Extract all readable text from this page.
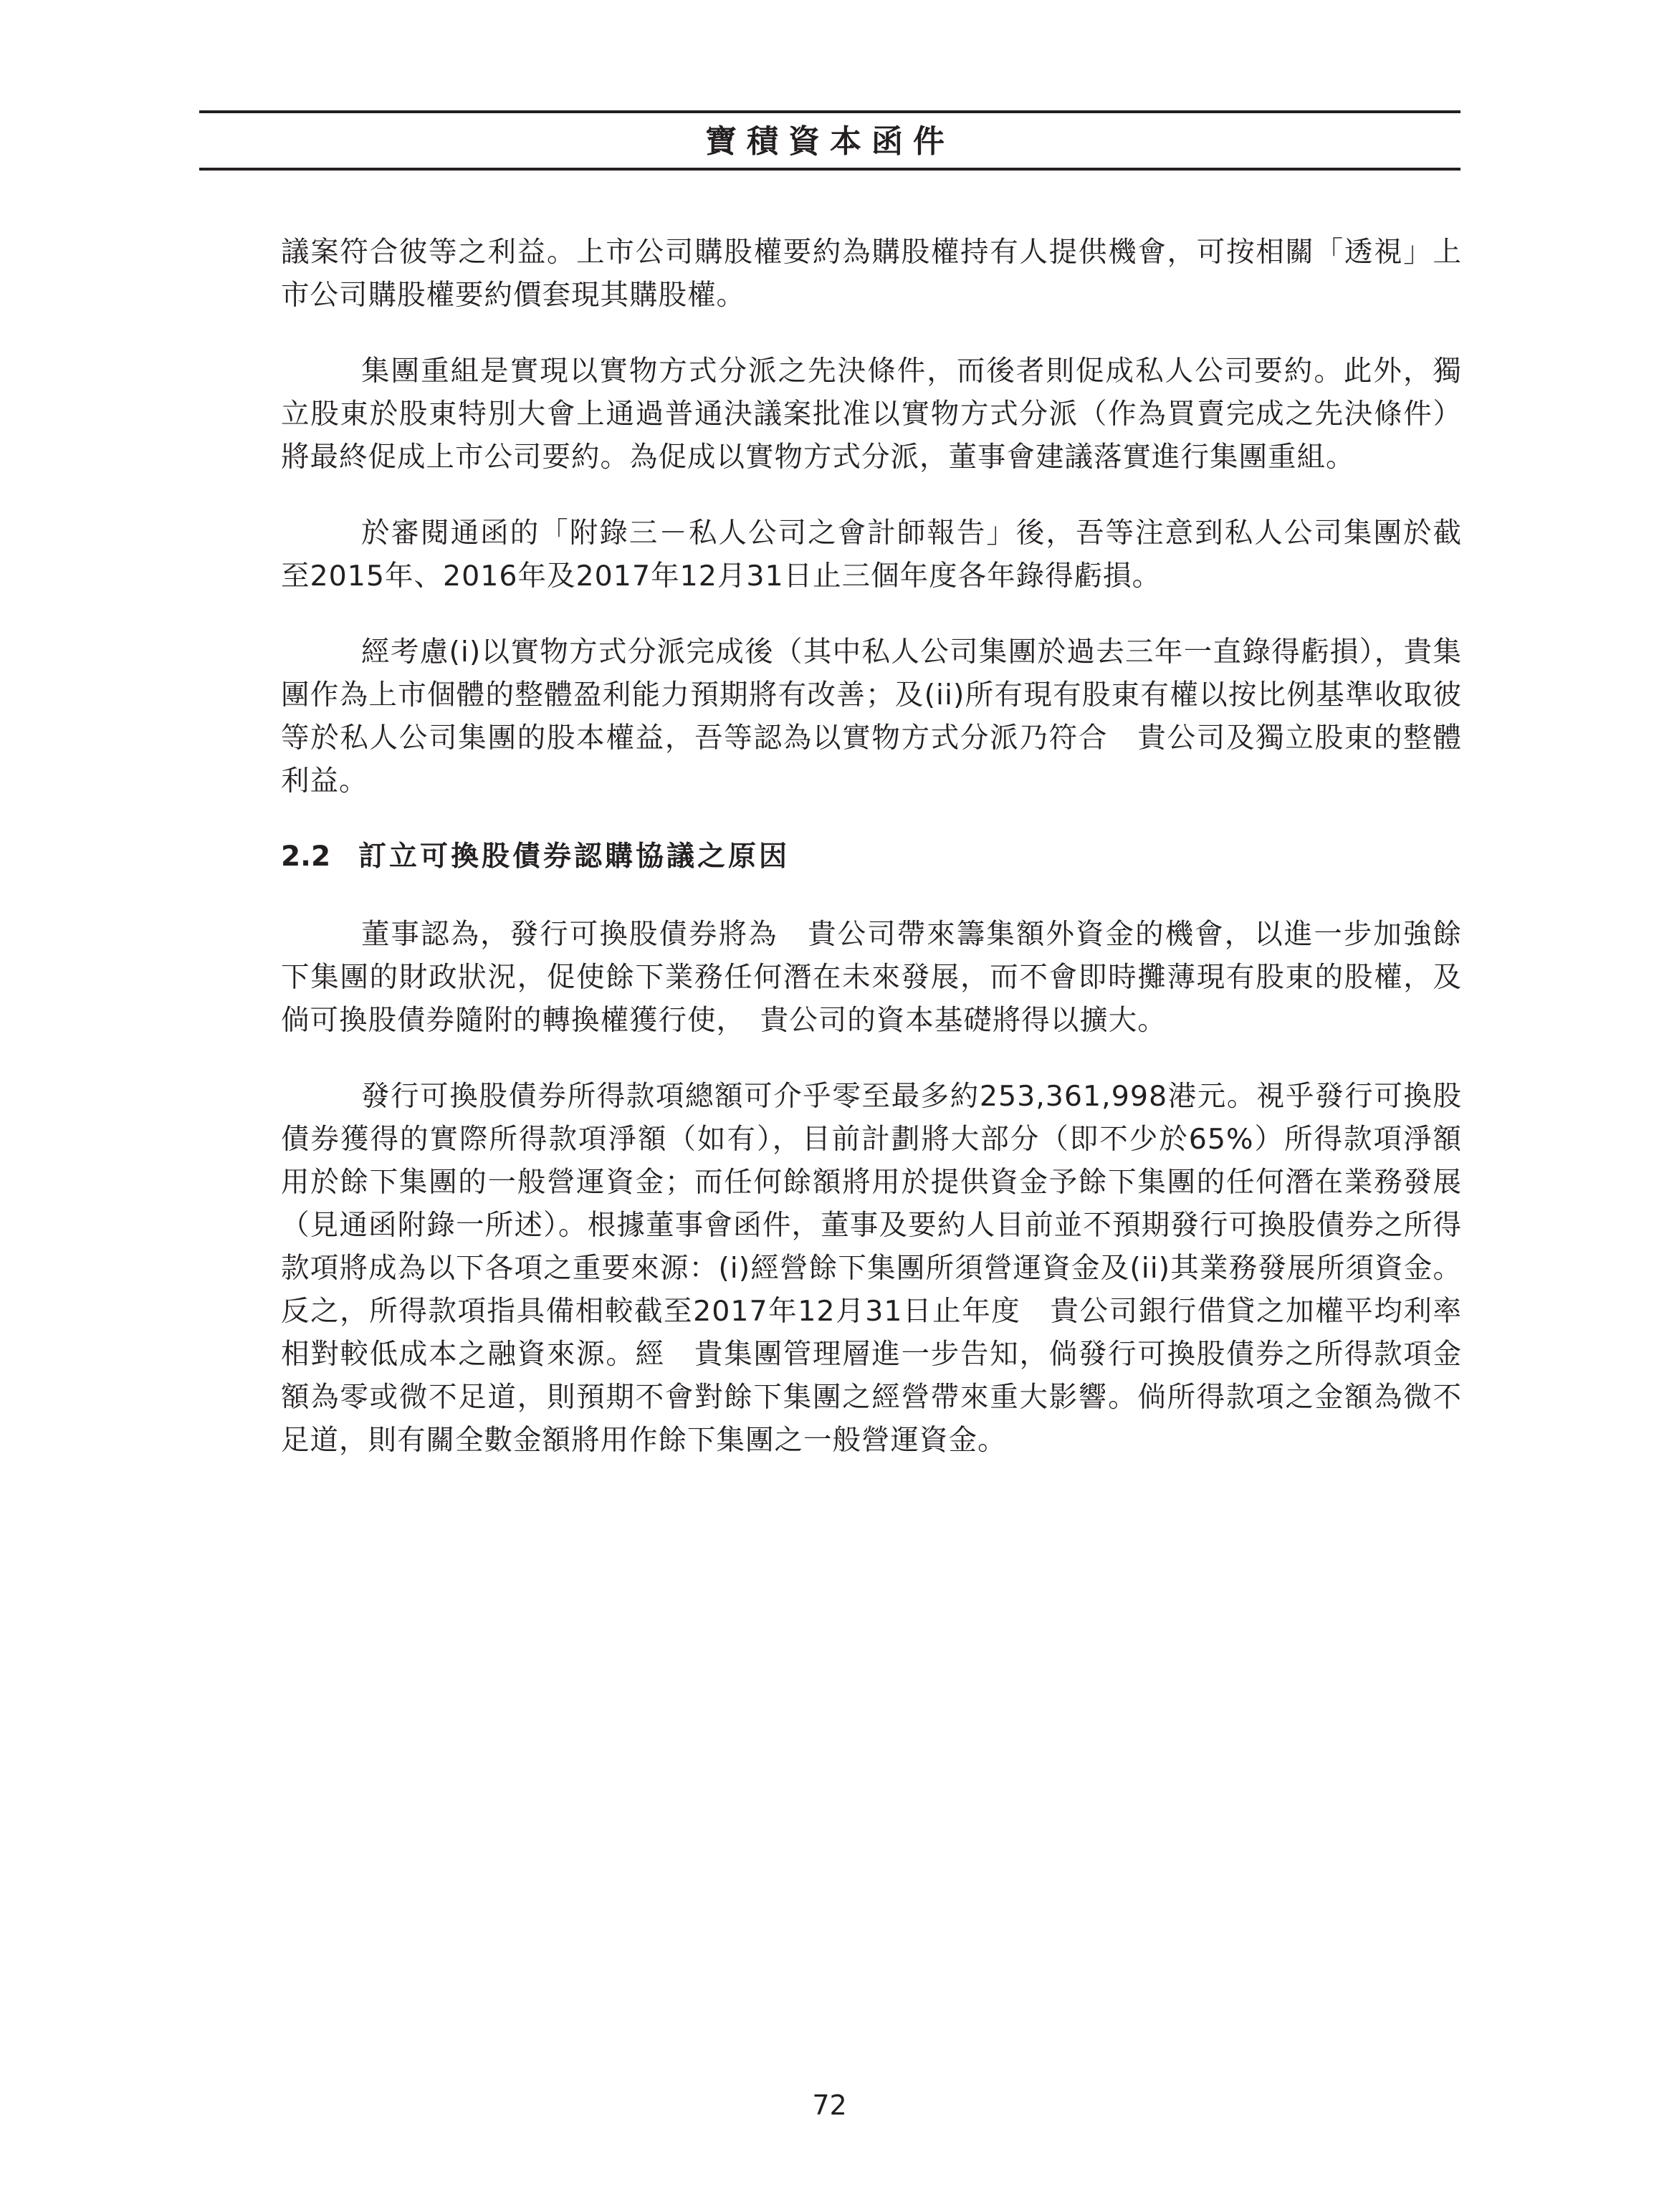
寶積資本函件

議案符合彼等之利益。上市公司購股權要約為購股權持有人提供機會，可按相關「透視」上市公司購股權要約價套現其購股權。

集團重組是實現以實物方式分派之先決條件，而後者則促成私人公司要約。此外，獨立股東於股東特別大會上通過普通決議案批准以實物方式分派（作為買賣完成之先決條件）將最終促成上市公司要約。為促成以實物方式分派，董事會建議落實進行集團重組。

於審閱通函的「附錄三－私人公司之會計師報告」後，吾等注意到私人公司集團於截至2015年、2016年及2017年12月31日止三個年度各年錄得虧損。

經考慮(i)以實物方式分派完成後（其中私人公司集團於過去三年一直錄得虧損），貴集團作為上市個體的整體盈利能力預期將有改善；及(ii)所有現有股東有權以按比例基準收取彼等於私人公司集團的股本權益，吾等認為以實物方式分派乃符合　貴公司及獨立股東的整體利益。

2.2 訂立可換股債券認購協議之原因

董事認為，發行可換股債券將為　貴公司帶來籌集額外資金的機會，以進一步加強餘下集團的財政狀況，促使餘下業務任何潛在未來發展，而不會即時攤薄現有股東的股權，及倘可換股債券隨附的轉換權獲行使，　貴公司的資本基礎將得以擴大。

發行可換股債券所得款項總額可介乎零至最多約253,361,998港元。視乎發行可換股債券獲得的實際所得款項淨額（如有），目前計劃將大部分（即不少於65%）所得款項淨額用於餘下集團的一般營運資金；而任何餘額將用於提供資金予餘下集團的任何潛在業務發展（見通函附錄一所述）。根據董事會函件，董事及要約人目前並不預期發行可換股債券之所得款項將成為以下各項之重要來源：(i)經營餘下集團所須營運資金及(ii)其業務發展所須資金。反之，所得款項指具備相較截至2017年12月31日止年度　貴公司銀行借貸之加權平均利率相對較低成本之融資來源。經　貴集團管理層進一步告知，倘發行可換股債券之所得款項金額為零或微不足道，則預期不會對餘下集團之經營帶來重大影響。倘所得款項之金額為微不足道，則有關全數金額將用作餘下集團之一般營運資金。

72
